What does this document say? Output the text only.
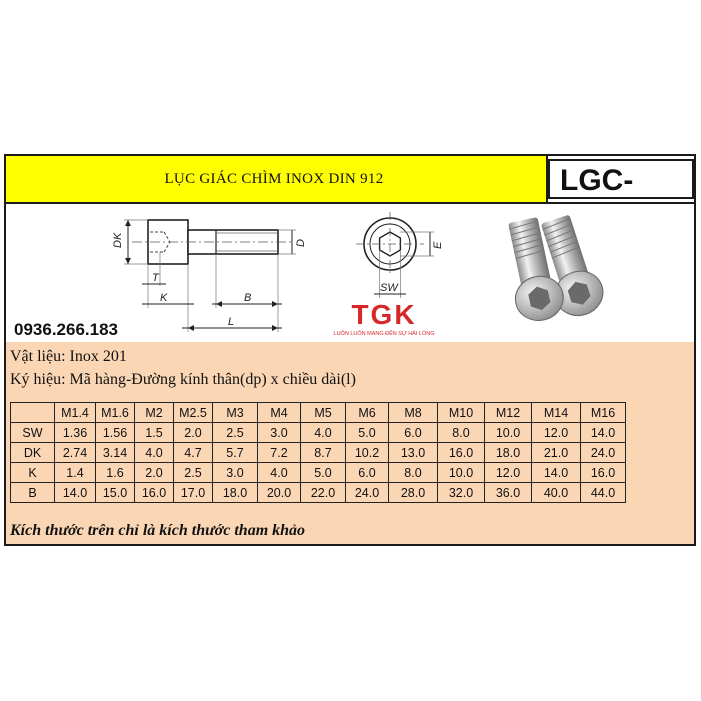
LỤC GIÁC CHÌM INOX DIN 912	LGC-
DK	D
T
K	B
L
E
SW
TGK
LUÔN LUÔN MANG ĐẾN SỰ HÀI LÒNG
0936.266.183
Vật liệu: Inox 201
Ký hiệu: Mã hàng-Đường kính thân(dp) x chiều dài(l)
	M1.4	M1.6	M2	M2.5	M3	M4	M5	M6	M8	M10	M12	M14	M16
SW	1.36	1.56	1.5	2.0	2.5	3.0	4.0	5.0	6.0	8.0	10.0	12.0	14.0
DK	2.74	3.14	4.0	4.7	5.7	7.2	8.7	10.2	13.0	16.0	18.0	21.0	24.0
K	1.4	1.6	2.0	2.5	3.0	4.0	5.0	6.0	8.0	10.0	12.0	14.0	16.0
B	14.0	15.0	16.0	17.0	18.0	20.0	22.0	24.0	28.0	32.0	36.0	40.0	44.0
Kích thước trên chỉ là kích thước tham khảo
